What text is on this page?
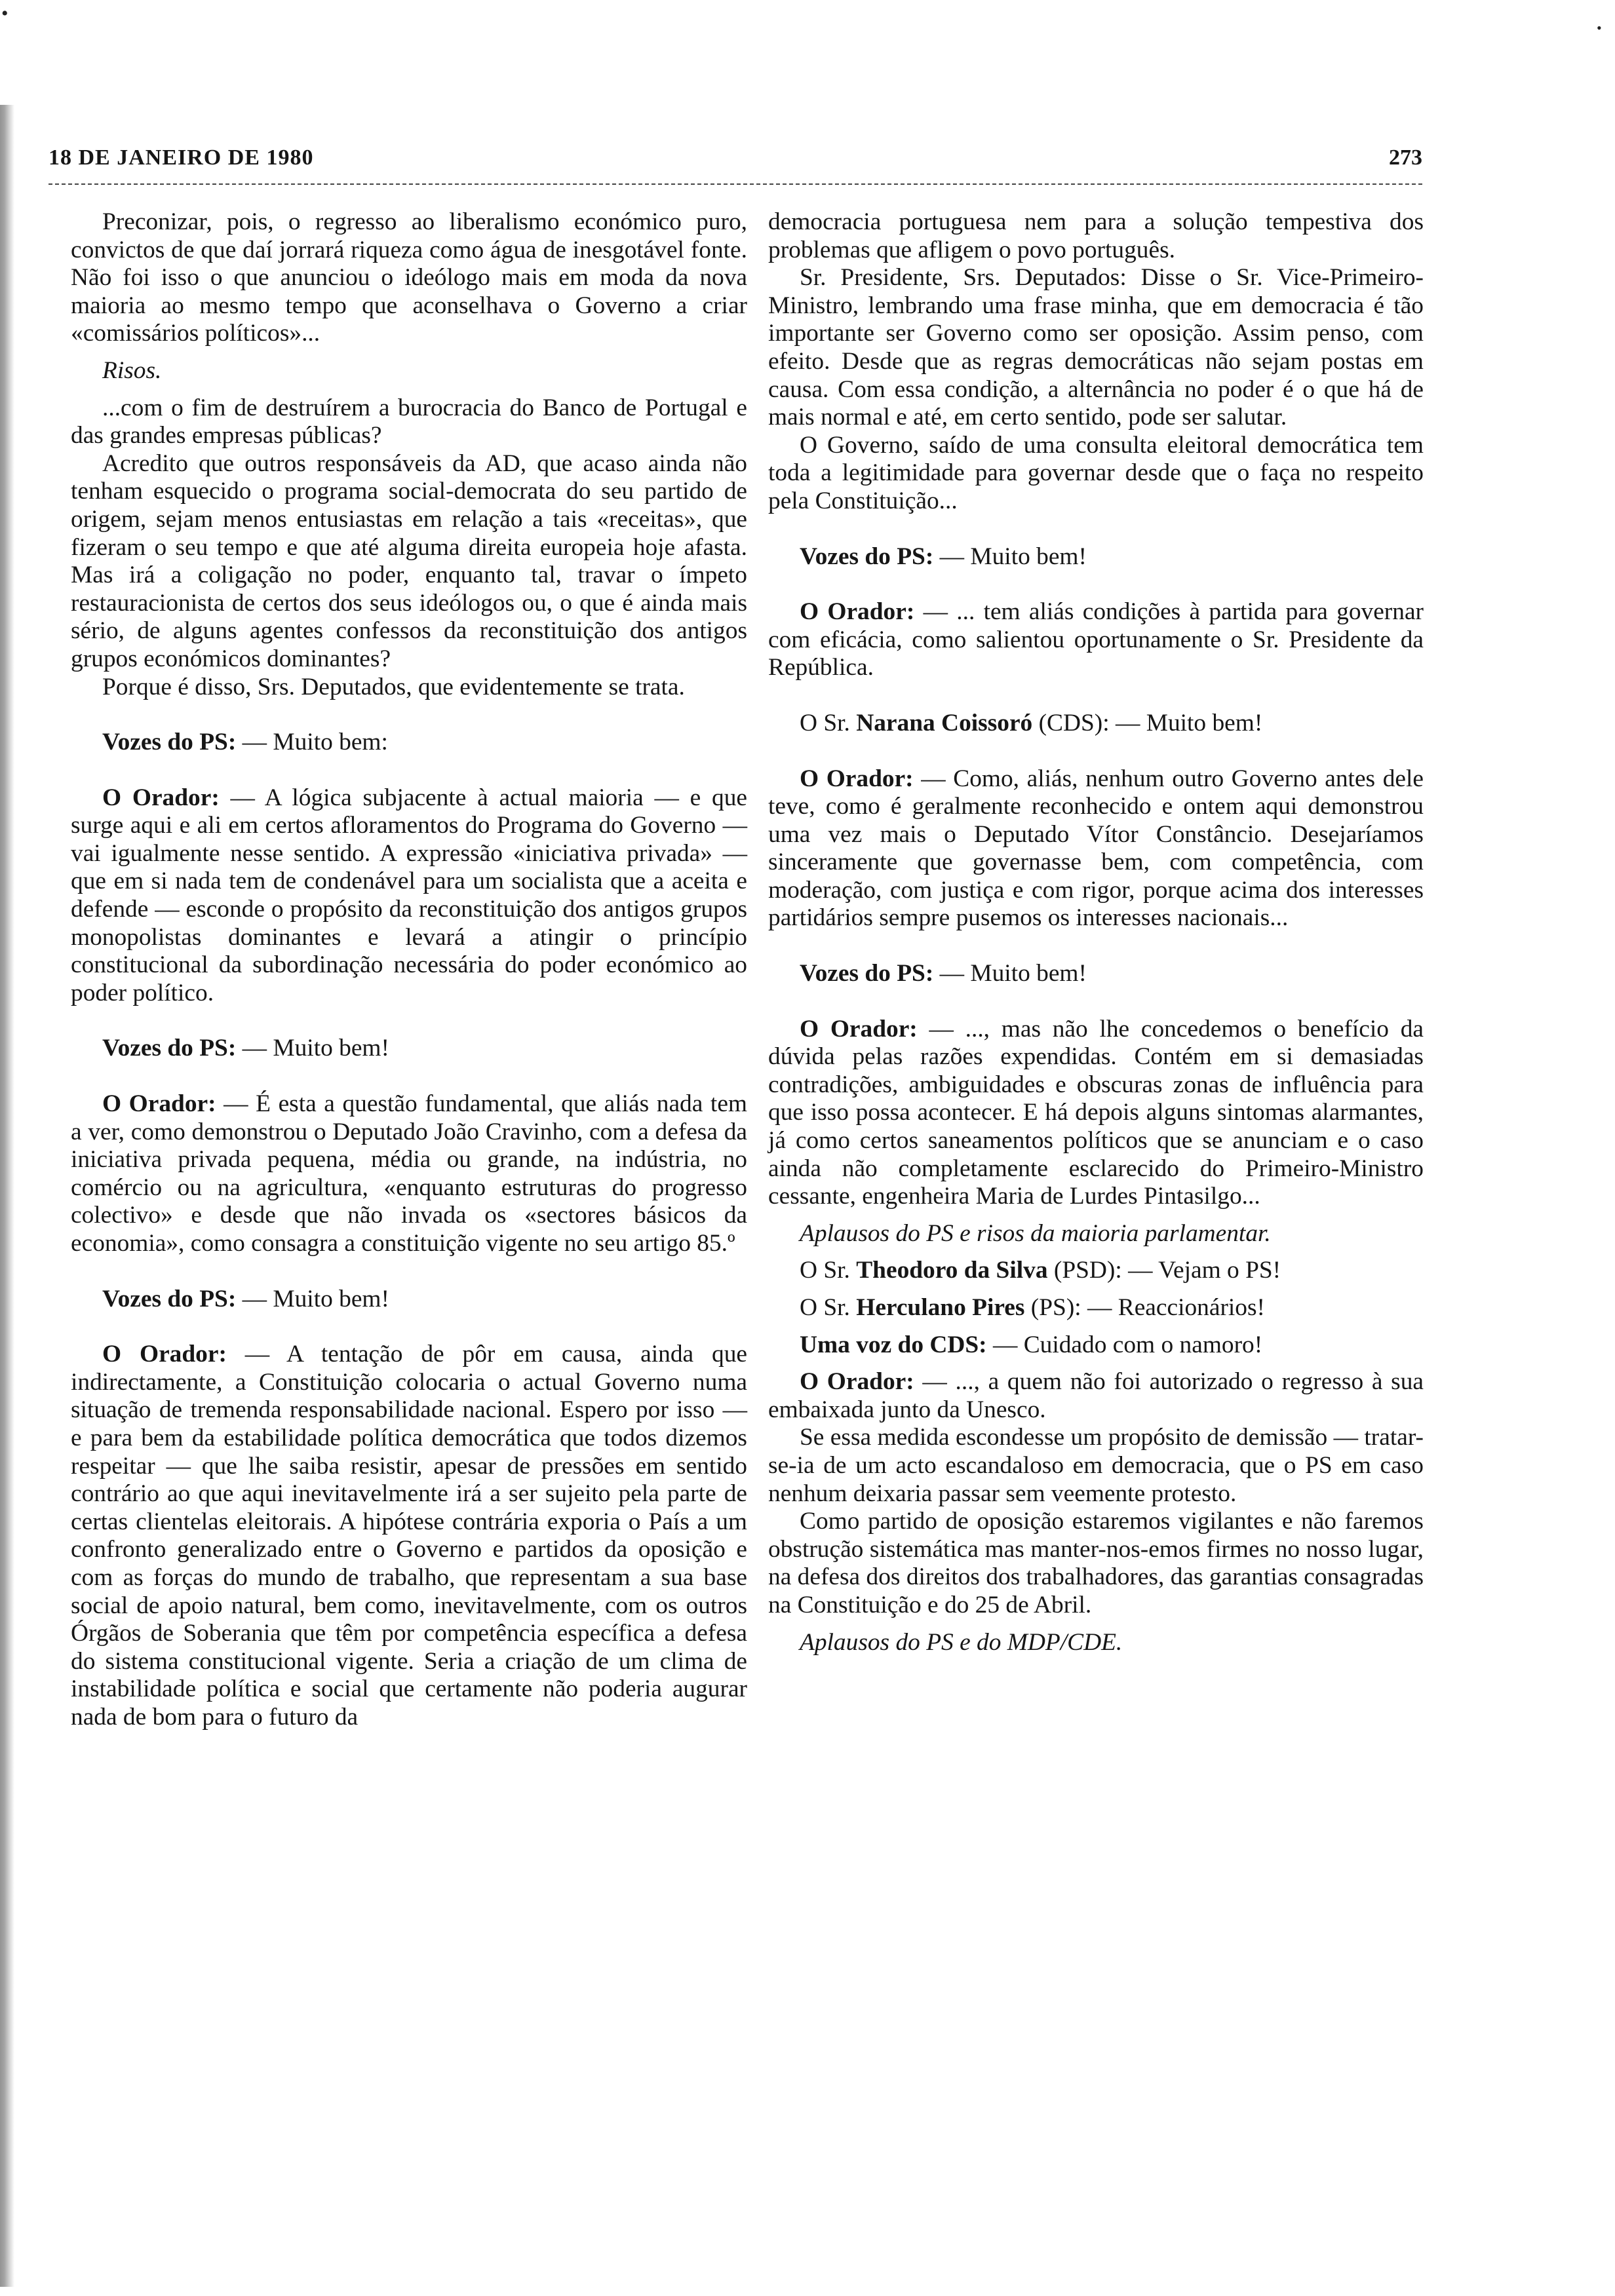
•
•
18 DE JANEIRO DE 1980	273

Preconizar, pois, o regresso ao liberalismo económico puro, convictos de que daí jorrará riqueza como água de inesgotável fonte. Não foi isso o que anunciou o ideólogo mais em moda da nova maioria ao mesmo tempo que aconselhava o Governo a criar «comissários políticos»...

Risos.

...com o fim de destruírem a burocracia do Banco de Portugal e das grandes empresas públicas?

Acredito que outros responsáveis da AD, que acaso ainda não tenham esquecido o programa social-democrata do seu partido de origem, sejam menos entusiastas em relação a tais «receitas», que fizeram o seu tempo e que até alguma direita europeia hoje afasta. Mas irá a coligação no poder, enquanto tal, travar o ímpeto restauracionista de certos dos seus ideólogos ou, o que é ainda mais sério, de alguns agentes confessos da reconstituição dos antigos grupos económicos dominantes?

Porque é disso, Srs. Deputados, que evidentemente se trata.

Vozes do PS: — Muito bem:

O Orador: — A lógica subjacente à actual maioria — e que surge aqui e ali em certos afloramentos do Programa do Governo — vai igualmente nesse sentido. A expressão «iniciativa privada» — que em si nada tem de condenável para um socialista que a aceita e defende — esconde o propósito da reconstituição dos antigos grupos monopolistas dominantes e levará a atingir o princípio constitucional da subordinação necessária do poder económico ao poder político.

Vozes do PS: — Muito bem!

O Orador: — É esta a questão fundamental, que aliás nada tem a ver, como demonstrou o Deputado João Cravinho, com a defesa da iniciativa privada pequena, média ou grande, na indústria, no comércio ou na agricultura, «enquanto estruturas do progresso colectivo» e desde que não invada os «sectores básicos da economia», como consagra a constituição vigente no seu artigo 85.º

Vozes do PS: — Muito bem!

O Orador: — A tentação de pôr em causa, ainda que indirectamente, a Constituição colocaria o actual Governo numa situação de tremenda responsabilidade nacional. Espero por isso — e para bem da estabilidade política democrática que todos dizemos respeitar — que lhe saiba resistir, apesar de pressões em sentido contrário ao que aqui inevitavelmente irá a ser sujeito pela parte de certas clientelas eleitorais. A hipótese contrária exporia o País a um confronto generalizado entre o Governo e partidos da oposição e com as forças do mundo de trabalho, que representam a sua base social de apoio natural, bem como, inevitavelmente, com os outros Órgãos de Soberania que têm por competência específica a defesa do sistema constitucional vigente. Seria a criação de um clima de instabilidade política e social que certamente não poderia augurar nada de bom para o futuro da

democracia portuguesa nem para a solução tempestiva dos problemas que afligem o povo português.

Sr. Presidente, Srs. Deputados: Disse o Sr. Vice-Primeiro-Ministro, lembrando uma frase minha, que em democracia é tão importante ser Governo como ser oposição. Assim penso, com efeito. Desde que as regras democráticas não sejam postas em causa. Com essa condição, a alternância no poder é o que há de mais normal e até, em certo sentido, pode ser salutar.

O Governo, saído de uma consulta eleitoral democrática tem toda a legitimidade para governar desde que o faça no respeito pela Constituição...

Vozes do PS: — Muito bem!

O Orador: — ... tem aliás condições à partida para governar com eficácia, como salientou oportunamente o Sr. Presidente da República.

O Sr. Narana Coissoró (CDS): — Muito bem!

O Orador: — Como, aliás, nenhum outro Governo antes dele teve, como é geralmente reconhecido e ontem aqui demonstrou uma vez mais o Deputado Vítor Constâncio. Desejaríamos sinceramente que governasse bem, com competência, com moderação, com justiça e com rigor, porque acima dos interesses partidários sempre pusemos os interesses nacionais...

Vozes do PS: — Muito bem!

O Orador: — ..., mas não lhe concedemos o benefício da dúvida pelas razões expendidas. Contém em si demasiadas contradições, ambiguidades e obscuras zonas de influência para que isso possa acontecer. E há depois alguns sintomas alarmantes, já como certos saneamentos políticos que se anunciam e o caso ainda não completamente esclarecido do Primeiro-Ministro cessante, engenheira Maria de Lurdes Pintasilgo...

Aplausos do PS e risos da maioria parlamentar.

O Sr. Theodoro da Silva (PSD): — Vejam o PS!

O Sr. Herculano Pires (PS): — Reaccionários!

Uma voz do CDS: — Cuidado com o namoro!

O Orador: — ..., a quem não foi autorizado o regresso à sua embaixada junto da Unesco.

Se essa medida escondesse um propósito de demissão — tratar-se-ia de um acto escandaloso em democracia, que o PS em caso nenhum deixaria passar sem veemente protesto.

Como partido de oposição estaremos vigilantes e não faremos obstrução sistemática mas manter-nos-emos firmes no nosso lugar, na defesa dos direitos dos trabalhadores, das garantias consagradas na Constituição e do 25 de Abril.

Aplausos do PS e do MDP/CDE.
